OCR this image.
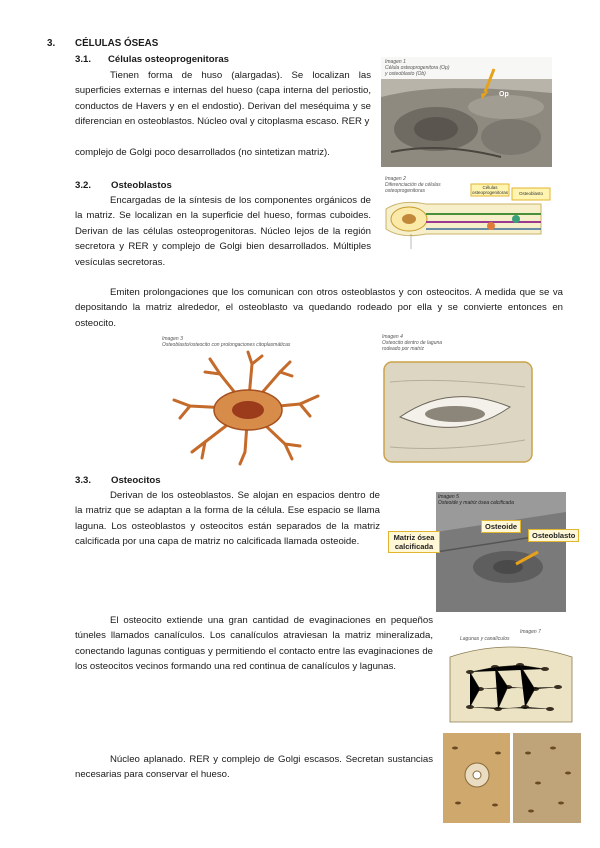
3. CÉLULAS ÓSEAS
3.1. Células osteoprogenitoras
Tienen forma de huso (alargadas). Se localizan las superficies externas e internas del hueso (capa interna del periostio, conductos de Havers y en el endostio). Derivan del meséquima y se diferencian en osteoblastos. Núcleo oval y citoplasma escaso. RER y
complejo de Golgi poco desarrollados (no sintetizan matriz).
Imagen 1
Célula osteoprogenitora (Op)
y osteoblasto (Ob)
Op
3.2. Osteoblastos
Encargadas de la síntesis de los componentes orgánicos de la matriz. Se localizan en la superficie del hueso, formas cuboides. Derivan de las células osteoprogenitoras. Núcleo lejos de la región secretora y RER y complejo de Golgi bien desarrollados. Múltiples vesículas secretoras.
Imagen 2
Diferenciación de células
osteoprogenitoras
Células osteoprogenitoras	Osteoblasto
Emiten prolongaciones que los comunican con otros osteoblastos y con osteocitos. A medida que se va depositando la matriz alrededor, el osteoblasto va quedando rodeado por ella y se convierte entonces en osteocito.
Imagen 3
Osteoblasto/osteocito con prolongaciones citoplasmáticas
Imagen 4
Osteocito dentro de laguna
rodeado por matriz
3.3. Osteocitos
Derivan de los osteoblastos. Se alojan en espacios dentro de la matriz que se adaptan a la forma de la célula. Ese espacio se llama laguna. Los osteoblastos y osteocitos están separados de la matriz calcificada por una capa de matriz no calcificada llamada osteoide.
Imagen 5
Osteoide y matriz ósea calcificada
Matriz ósea calcificada
Osteoide
Osteoblasto
El osteocito extiende una gran cantidad de evaginaciones en pequeños túneles llamados canalículos. Los canalículos atraviesan la matriz mineralizada, conectando lagunas contiguas y permitiendo el contacto entre las evaginaciones de los osteocitos vecinos formando una red continua de canalículos y lagunas.
Imagen 7
Lagunas y canalículos
Núcleo aplanado. RER y complejo de Golgi escasos. Secretan sustancias necesarias para conservar el hueso.
